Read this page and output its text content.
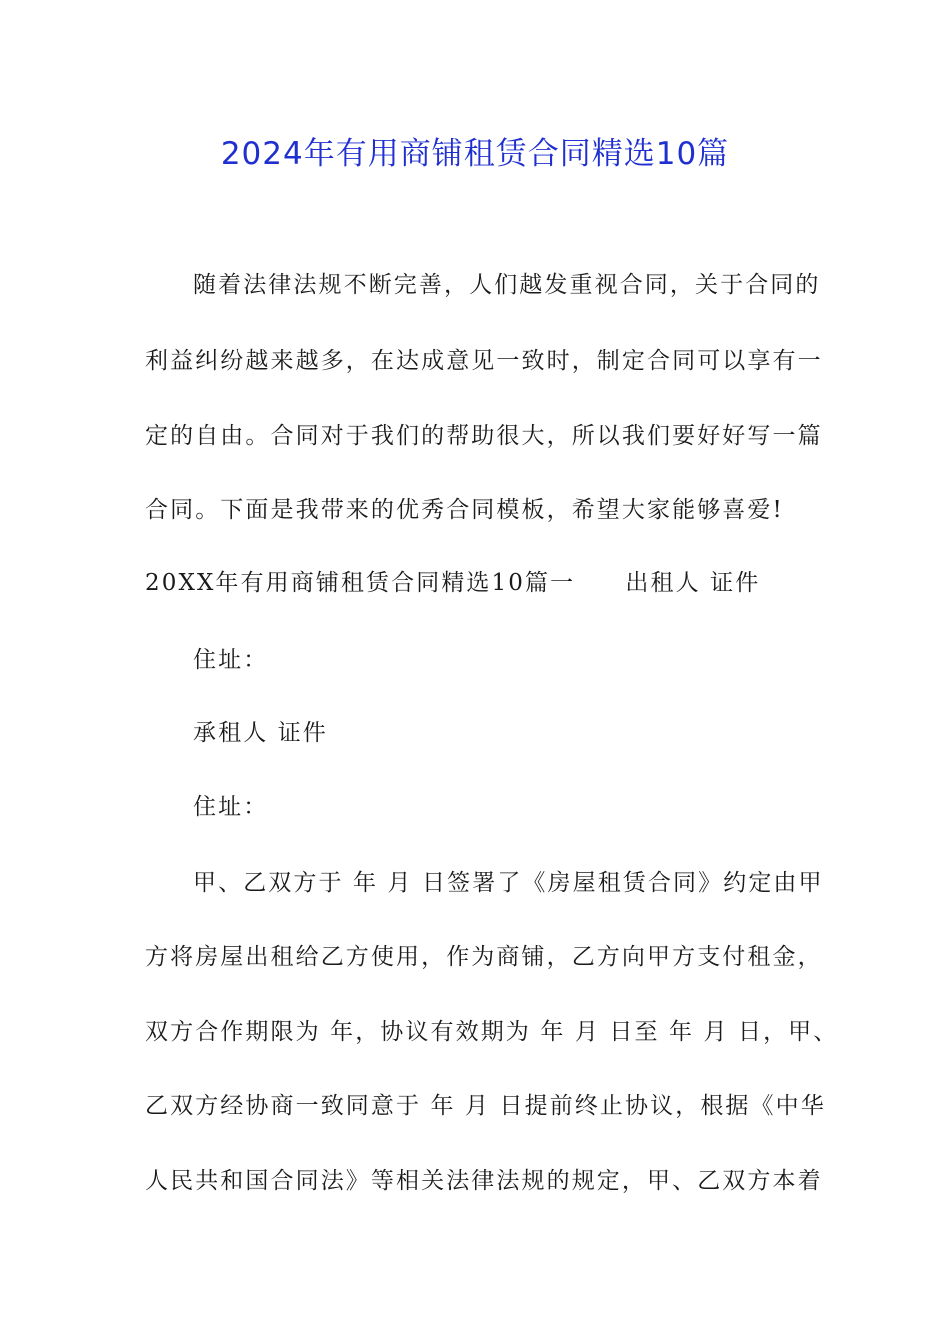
2024年有用商铺租赁合同精选10篇
随着法律法规不断完善，人们越发重视合同，关于合同的
利益纠纷越来越多，在达成意见一致时，制定合同可以享有一
定的自由。合同对于我们的帮助很大，所以我们要好好写一篇
合同。下面是我带来的优秀合同模板，希望大家能够喜爱!
20XX年有用商铺租赁合同精选10篇一　　出租人 证件
住址：
承租人 证件
住址：
甲、乙双方于 年 月 日签署了《房屋租赁合同》约定由甲
方将房屋出租给乙方使用，作为商铺，乙方向甲方支付租金，
双方合作期限为 年，协议有效期为 年 月 日至 年 月 日，甲、
乙双方经协商一致同意于 年 月 日提前终止协议，根据《中华
人民共和国合同法》等相关法律法规的规定，甲、乙双方本着
